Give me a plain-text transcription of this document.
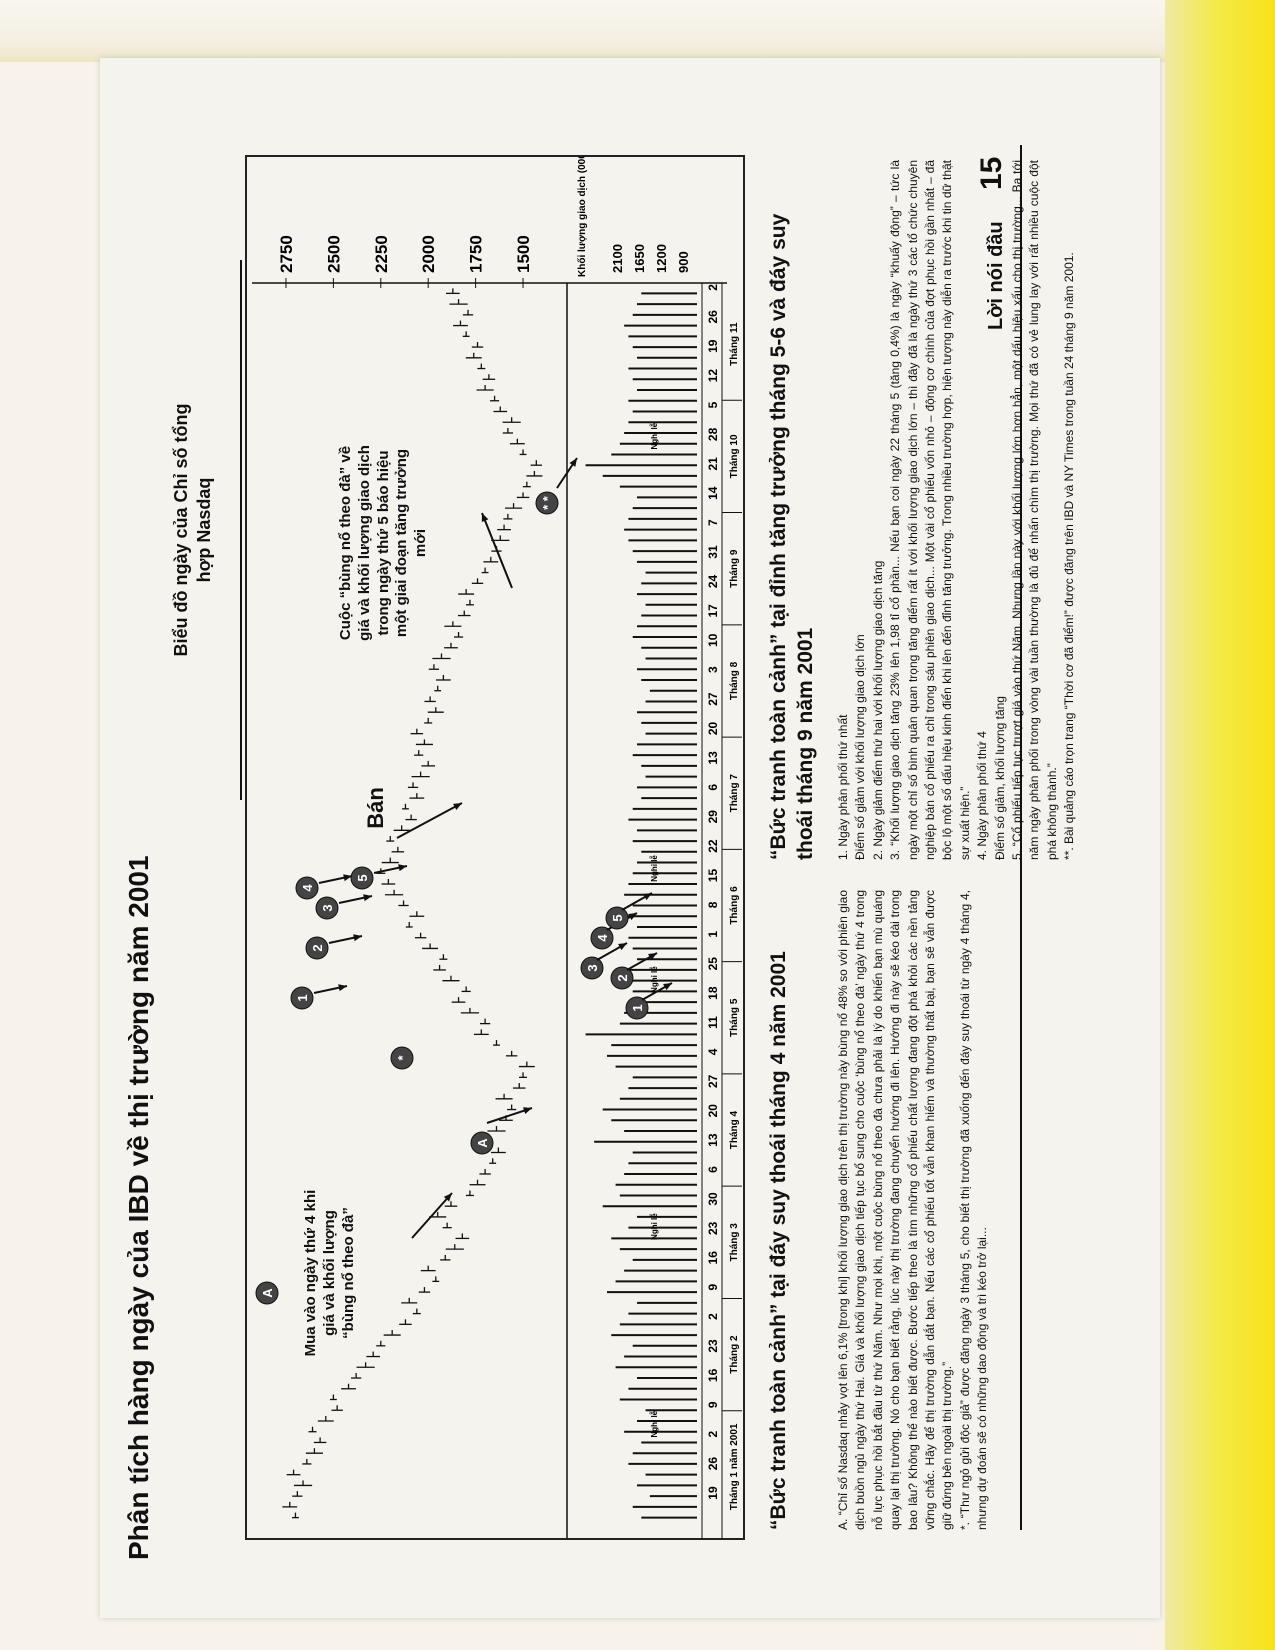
Phân tích hàng ngày của IBD về thị trường năm 2001
Lời nói đầu
15
Biểu đồ ngày của Chỉ số tổng hợp Nasdaq
2750 2500 2250 2000 1750 1500	Khối lượng giao dịch (00000) 2100 1650 1200 900
19
26
2
9
16
23
2
9
16
23
30
6
13
20
27
4
11
18
25
1
8
15
22
29
6
13
20
27
3
10
17
24
31
7
14
21
28
5
12
19
26
2
Tháng 1 năm 2001
Tháng 2
Tháng 3
Tháng 4
Tháng 5
Tháng 6
Tháng 7
Tháng 8
Tháng 9
Tháng 10
Tháng 11
Nghỉ lễ
Nghỉ lễ
Nghỉ lễ
Nghỉ lễ
Nghỉ lễ
A
A
*
1
2
3
4
5
1
2
3
4
5
* *
Mua vào ngày thứ 4 khi giá và khối lượng “bùng nổ theo đà”
Bán
Cuộc “bùng nổ theo đà” về giá và khối lượng giao dịch trong ngày thứ 5 báo hiệu một giai đoạn tăng trưởng mới
“Bức tranh toàn cảnh” tại đáy suy thoái tháng 4 năm 2001	A. “Chỉ số Nasdaq nhảy vọt lên 6,1% [trong khi] khối lượng giao dịch trên thị trường này bùng nổ 48% so với phiên giao dịch buồn ngủ ngày thứ Hai. Giá và khối lượng giao dịch tiếp tục bổ sung cho cuộc ‘bùng nổ theo đà’ ngày thứ 4 trong nỗ lực phục hồi bắt đầu từ thứ Năm. Như mọi khi, một cuộc bùng nổ theo đà chưa phải là lý do khiến bạn mù quáng quay lại thị trường. Nó cho bạn biết rằng, lúc này thị trường đang chuyển hướng đi lên. Hướng đi này sẽ kéo dài trong bao lâu? Không thể nào biết được. Bước tiếp theo là tìm những cổ phiếu chất lượng đang đột phá khỏi các nền tảng vững chắc. Hãy để thị trường dẫn dắt bạn. Nếu các cổ phiếu tốt vẫn khan hiếm và thường thất bại, bạn sẽ vẫn được giữ đứng bên ngoài thị trường.” *. “Thư ngỏ gửi độc giả” được đăng ngày 3 tháng 5, cho biết thị trường đã xuống đến đáy suy thoái từ ngày 4 tháng 4, nhưng dự đoán sẽ có những dao động và trì kéo trở lại...

“Bức tranh toàn cảnh” tại đỉnh tăng trưởng tháng 5-6 và đáy suy thoái tháng 9 năm 2001	1. Ngày phân phối thứ nhất Điểm số giảm với khối lượng giao dịch lớn 2. Ngày giảm điểm thứ hai với khối lượng giao dịch tăng 3. “Khối lượng giao dịch tăng 23% lên 1,98 tỉ cổ phần... Nếu bạn coi ngày 22 tháng 5 (tăng 0,4%) là ngày “khuấy động” – tức là ngày một chỉ số bình quân quan trọng tăng điểm rất ít với khối lượng giao dịch lớn – thì đây đã là ngày thứ 3 các tổ chức chuyên nghiệp bán cổ phiếu ra chỉ trong sáu phiên giao dịch... Một vài cổ phiếu vốn nhỏ – động cơ chính của đợt phục hồi gần nhất – đã bộc lộ một số dấu hiệu kinh điển khi lên đến đỉnh tăng trưởng. Trong nhiều trường hợp, hiện tượng này diễn ra trước khi tin dữ thật sự xuất hiện.” 4. Ngày phân phối thứ 4 Điểm số giảm, khối lượng tăng 5. “Cổ phiếu tiếp tục trượt giá vào thứ Năm. Nhưng lần này với khối lượng lớn hơn hẳn, một dấu hiệu xấu cho thị trường... Ba tới năm ngày phân phối trong vòng vài tuần thường là đủ để nhấn chìm thị trường. Mọi thứ đã có vẻ lung lay với rất nhiều cuộc đột phá không thành.” **. Bài quảng cáo trọn trang “Thời cơ đã điểm!” được đăng trên IBD và NY Times trong tuần 24 tháng 9 năm 2001.
